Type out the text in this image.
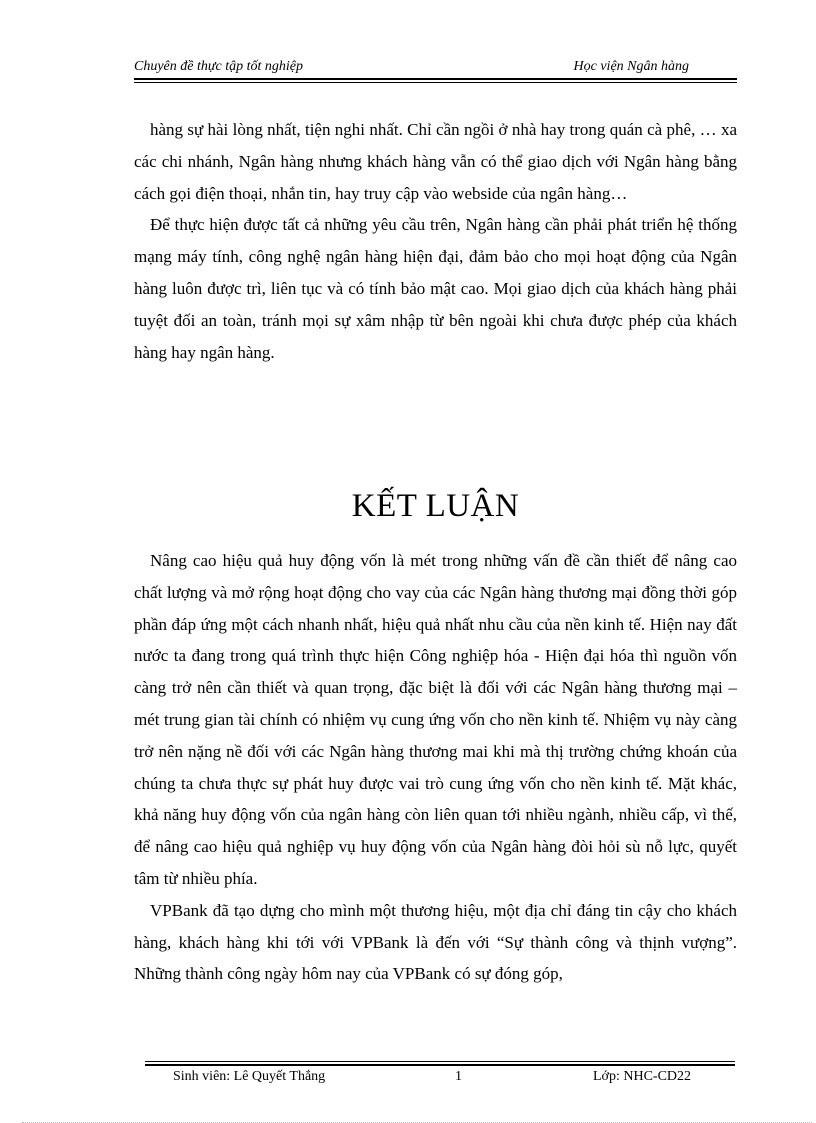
Chuyên đề thực tập tốt nghiệp	Học viện Ngân hàng

hàng sự hài lòng nhất, tiện nghi nhất. Chỉ cần ngồi ở nhà hay trong quán cà phê, … xa các chi nhánh, Ngân hàng nhưng khách hàng vẫn có thể giao dịch với Ngân hàng bằng cách gọi điện thoại, nhắn tin, hay truy cập vào webside của ngân hàng…

Để thực hiện được tất cả những yêu cầu trên, Ngân hàng cần phải phát triển hệ thống mạng máy tính, công nghệ ngân hàng hiện đại, đảm bảo cho mọi hoạt động của Ngân hàng luôn được trì, liên tục và có tính bảo mật cao. Mọi giao dịch của khách hàng phải tuyệt đối an toàn, tránh mọi sự xâm nhập từ bên ngoài khi chưa được phép của khách hàng hay ngân hàng.

KẾT LUẬN

Nâng cao hiệu quả huy động vốn là mét trong những vấn đề cần thiết để nâng cao chất lượng và mở rộng hoạt động cho vay của các Ngân hàng thương mại đồng thời góp phần đáp ứng một cách nhanh nhất, hiệu quả nhất nhu cầu của nền kinh tế. Hiện nay đất nước ta đang trong quá trình thực hiện Công nghiệp hóa - Hiện đại hóa thì nguồn vốn càng trở nên cần thiết và quan trọng, đặc biệt là đối với các Ngân hàng thương mại – mét trung gian tài chính có nhiệm vụ cung ứng vốn cho nền kinh tế. Nhiệm vụ này càng trở nên nặng nề đối với các Ngân hàng thương mai khi mà thị trường chứng khoán của chúng ta chưa thực sự phát huy được vai trò cung ứng vốn cho nền kinh tế. Mặt khác, khả năng huy động vốn của ngân hàng còn liên quan tới nhiều ngành, nhiều cấp, vì thế, để nâng cao hiệu quả nghiệp vụ huy động vốn của Ngân hàng đòi hỏi sù nỗ lực, quyết tâm từ nhiều phía.

VPBank đã tạo dựng cho mình một thương hiệu, một địa chỉ đáng tin cậy cho khách hàng, khách hàng khi tới với VPBank là đến với “Sự thành công và thịnh vượng”. Những thành công ngày hôm nay của VPBank có sự đóng góp,

Sinh viên: Lê Quyết Thắng	1	Lớp: NHC-CD22
